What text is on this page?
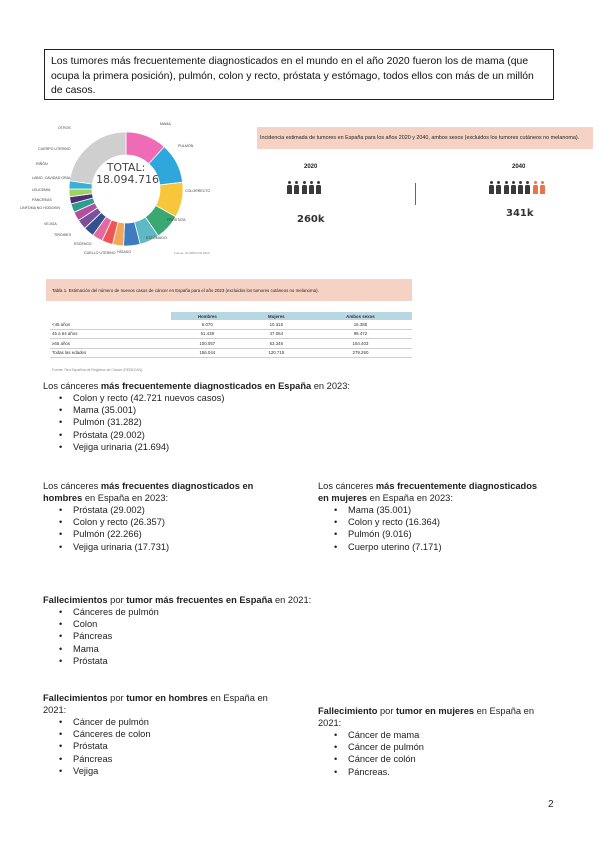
Los tumores más frecuentemente diagnosticados en el mundo en el año 2020 fueron los de mama (que ocupa la primera posición), pulmón, colon y recto, próstata y estómago, todos ellos con más de un millón de casos.
TOTAL:
18.094.716
MAMA
PULMÓN
COLORRECTO
PRÓSTATA
ESTÓMAGO
HÍGADO
CUELLO UTERINO
ESÓFAGO
TIROIDES
VEJIGA
LINFOMA NO HODGKIN
PÁNCREAS
LEUCEMIA
LABIO, CAVIDAD ORAL
RIÑÓN
CUERPO UTERINO
OTROS
Fuente: GLOBOCAN 2020
Incidencia estimada de tumores en España para los años 2020 y 2040, ambos sexos (excluidos los tumores cutáneos no melanoma).
2020
260k
2040
341k
Tabla 1. Estimación del número de nuevos casos de cáncer en España para el año 2023 (excluidos los tumores cutáneos no melanoma).
	Hombres	Mujeres	Ambos sexos
<45 años	6.070	10.315	16.385
45 a 64 años	51.438	47.054	98.472
≥65 años	100.057	63.346	164.403
Todas las edades	156.044	120.715	279.260
Fuente: Red Española de Registros de Cáncer (REDECAN)
Los cánceres más frecuentemente diagnosticados en España en 2023:
• Colon y recto (42.721 nuevos casos)
• Mama (35.001)
• Pulmón (31.282)
• Próstata (29.002)
• Vejiga urinaria (21.694)
Los cánceres más frecuentes diagnosticados en hombres en España en 2023:
• Próstata (29.002)
• Colon y recto (26.357)
• Pulmón (22.266)
• Vejiga urinaria (17.731)
Los cánceres más frecuentemente diagnosticados en mujeres en España en 2023:
• Mama (35.001)
• Colon y recto (16.364)
• Pulmón (9.016)
• Cuerpo uterino (7.171)
Fallecimientos por tumor más frecuentes en España en 2021:
• Cánceres de pulmón
• Colon
• Páncreas
• Mama
• Próstata
Fallecimientos por tumor en hombres en España en 2021:
• Cáncer de pulmón
• Cánceres de colon
• Próstata
• Páncreas
• Vejiga
Fallecimiento por tumor en mujeres en España en 2021:
• Cáncer de mama
• Cáncer de pulmón
• Cáncer de colón
• Páncreas.
2
